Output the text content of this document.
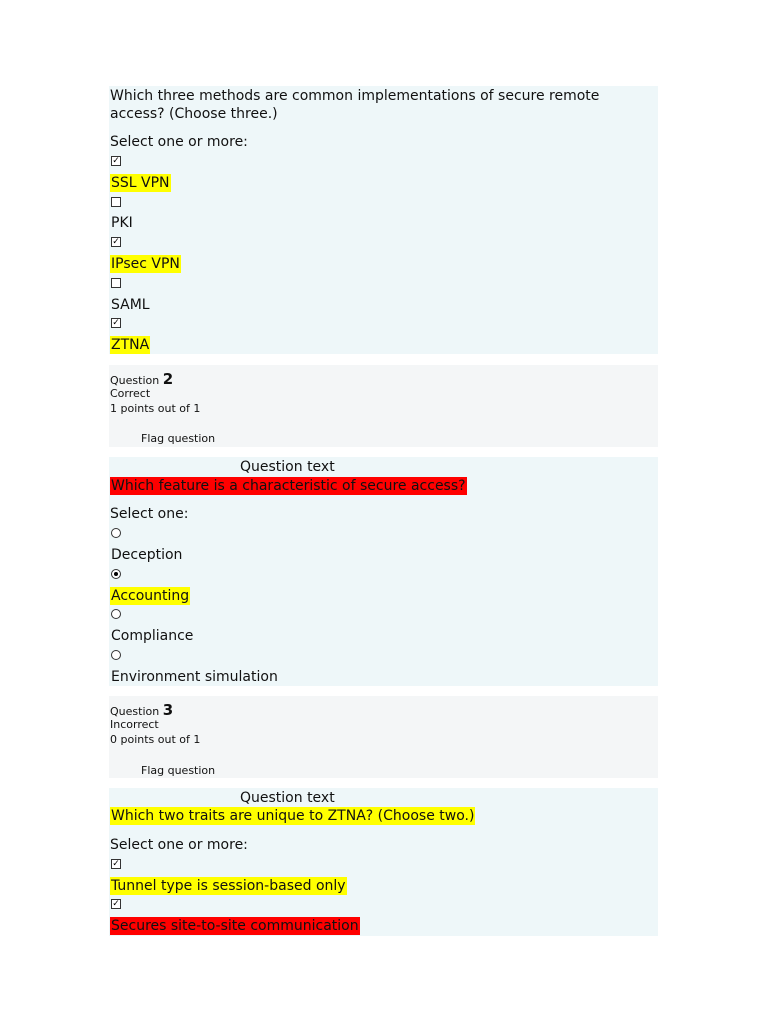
Which three methods are common implementations of secure remote access? (Choose three.)
Select one or more:
✓
SSL VPN
PKI
✓
IPsec VPN
SAML
✓
ZTNA
Question 2
Correct
1 points out of 1
Flag question
Question text
Which feature is a characteristic of secure access?
Select one:
Deception
Accounting
Compliance
Environment simulation
Question 3
Incorrect
0 points out of 1
Flag question
Question text
Which two traits are unique to ZTNA? (Choose two.)
Select one or more:
✓
Tunnel type is session-based only
✓
Secures site-to-site communication
